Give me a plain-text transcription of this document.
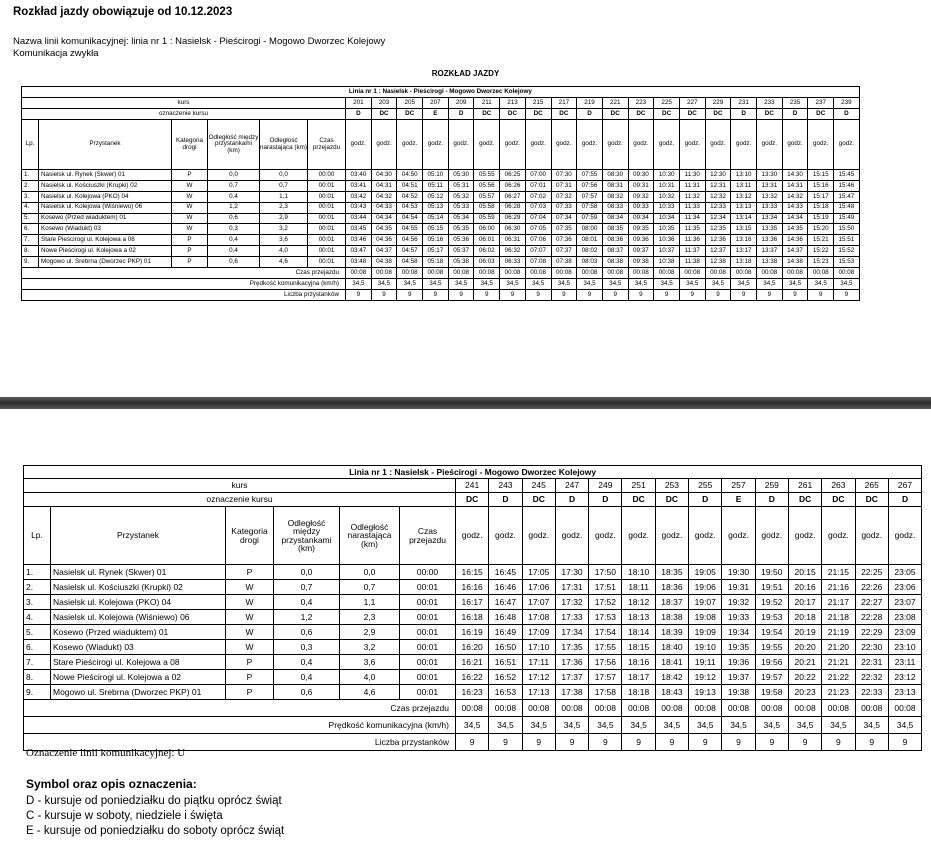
Rozkład jazdy obowiązuje od 10.12.2023
Nazwa linii komunikacyjnej: linia nr 1 : Nasielsk - Pieścirogi - Mogowo Dworzec Kolejowy
Komunikacja zwykła
ROZKŁAD JAZDY
Linia nr 1 : Nasielsk - Pieścirogi - Mogowo Dworzec Kolejowy																									
kurs						201	203	205	207	209	211	213	215	217	219	221	223	225	227	229	231	233	235	237	239
oznaczenie kursu						D	DC	DC	E	D	DC	DC	DC	DC	D	DC	DC	DC	DC	DC	D	DC	D	DC	D
Lp.	Przystanek	Kategoria drogi	Odległość między przystankami (km)	Odległość narastająca (km)	Czas przejazdu	godz.	godz.	godz.	godz.	godz.	godz.	godz.	godz.	godz.	godz.	godz.	godz.	godz.	godz.	godz.	godz.	godz.	godz.	godz.	godz.
1.	Nasielsk ul. Rynek (Skwer) 01	P	0,0	0,0	00:00	03:40	04:30	04:50	05:10	05:30	05:55	06:25	07:00	07:30	07:55	08:30	09:30	10:30	11:30	12:30	13:10	13:30	14:30	15:15	15:45
2.	Nasielsk ul. Kościuszki (Krupki) 02	W	0,7	0,7	00:01	03:41	04:31	04:51	05:11	05:31	05:56	06:26	07:01	07:31	07:56	08:31	09:31	10:31	11:31	12:31	13:11	13:31	14:31	15:16	15:46
3.	Nasielsk ul. Kolejowa (PKO) 04	W	0,4	1,1	00:01	03:42	04:32	04:52	05:12	05:32	05:57	06:27	07:02	07:32	07:57	08:32	09:32	10:32	11:32	12:32	13:12	13:32	14:32	15:17	15:47
4.	Nasielsk ul. Kolejowa (Wiśniewo) 06	W	1,2	2,3	00:01	03:43	04:33	04:53	05:13	05:33	05:58	06:28	07:03	07:33	07:58	08:33	09:33	10:33	11:33	12:33	13:13	13:33	14:33	15:18	15:48
5.	Kosewo (Przed wiaduktem) 01	W	0,6	2,9	00:01	03:44	04:34	04:54	05:14	05:34	05:59	06:29	07:04	07:34	07:59	08:34	09:34	10:34	11:34	12:34	13:14	13:34	14:34	15:19	15:49
6.	Kosewo (Wiadukt) 03	W	0,3	3,2	00:01	03:45	04:35	04:55	05:15	05:35	06:00	06:30	07:05	07:35	08:00	08:35	09:35	10:35	11:35	12:35	13:15	13:35	14:35	15:20	15:50
7.	Stare Pieścirogi ul. Kolejowa a 08	P	0,4	3,6	00:01	03:46	04:36	04:56	05:16	05:36	06:01	06:31	07:06	07:36	08:01	08:36	09:36	10:36	11:36	12:36	13:16	13:36	14:36	15:21	15:51
8.	Nowe Pieścirogi ul. Kolejowa a 02	P	0,4	4,0	00:01	03:47	04:37	04:57	05:17	05:37	06:02	06:32	07:07	07:37	08:02	08:37	09:37	10:37	11:37	12:37	13:17	13:37	14:37	15:22	15:52
9.	Mogowo ul. Srebrna (Dworzec PKP) 01	P	0,6	4,6	00:01	03:48	04:38	04:58	05:18	05:38	06:03	06:33	07:08	07:38	08:03	08:38	09:38	10:38	11:38	12:38	13:18	13:38	14:38	15:23	15:53
Czas przejazdu						00:08	00:08	00:08	00:08	00:08	00:08	00:08	00:08	00:08	00:08	00:08	00:08	00:08	00:08	00:08	00:08	00:08	00:08	00:08	00:08
Prędkość komunikacyjna (km/h)						34,5	34,5	34,5	34,5	34,5	34,5	34,5	34,5	34,5	34,5	34,5	34,5	34,5	34,5	34,5	34,5	34,5	34,5	34,5	34,5
Liczba przystanków						9	9	9	9	9	9	9	9	9	9	9	9	9	9	9	9	9	9	9	9
Linia nr 1 : Nasielsk - Pieścirogi - Mogowo Dworzec Kolejowy																			
kurs						241	243	245	247	249	251	253	255	257	259	261	263	265	267
oznaczenie kursu						DC	D	DC	D	D	DC	DC	D	E	D	DC	DC	DC	D
Lp.	Przystanek	Kategoria drogi	Odległość między przystankami (km)	Odległość narastająca (km)	Czas przejazdu	godz.	godz.	godz.	godz.	godz.	godz.	godz.	godz.	godz.	godz.	godz.	godz.	godz.	godz.
1.	Nasielsk ul. Rynek (Skwer) 01	P	0,0	0,0	00:00	16:15	16:45	17:05	17:30	17:50	18:10	18:35	19:05	19:30	19:50	20:15	21:15	22:25	23:05
2.	Nasielsk ul. Kościuszki (Krupki) 02	W	0,7	0,7	00:01	16:16	16:46	17:06	17:31	17:51	18:11	18:36	19:06	19:31	19:51	20:16	21:16	22:26	23:06
3.	Nasielsk ul. Kolejowa (PKO) 04	W	0,4	1,1	00:01	16:17	16:47	17:07	17:32	17:52	18:12	18:37	19:07	19:32	19:52	20:17	21:17	22:27	23:07
4.	Nasielsk ul. Kolejowa (Wiśniewo) 06	W	1,2	2,3	00:01	16:18	16:48	17:08	17:33	17:53	18:13	18:38	19:08	19:33	19:53	20:18	21:18	22:28	23:08
5.	Kosewo (Przed wiaduktem) 01	W	0,6	2,9	00:01	16:19	16:49	17:09	17:34	17:54	18:14	18:39	19:09	19:34	19:54	20:19	21:19	22:29	23:09
6.	Kosewo (Wiadukt) 03	W	0,3	3,2	00:01	16:20	16:50	17:10	17:35	17:55	18:15	18:40	19:10	19:35	19:55	20:20	21:20	22:30	23:10
7.	Stare Pieścirogi ul. Kolejowa a 08	P	0,4	3,6	00:01	16:21	16:51	17:11	17:36	17:56	18:16	18:41	19:11	19:36	19:56	20:21	21:21	22:31	23:11
8.	Nowe Pieścirogi ul. Kolejowa a 02	P	0,4	4,0	00:01	16:22	16:52	17:12	17:37	17:57	18:17	18:42	19:12	19:37	19:57	20:22	21:22	22:32	23:12
9.	Mogowo ul. Srebrna (Dworzec PKP) 01	P	0,6	4,6	00:01	16:23	16:53	17:13	17:38	17:58	18:18	18:43	19:13	19:38	19:58	20:23	21:23	22:33	23:13
Czas przejazdu						00:08	00:08	00:08	00:08	00:08	00:08	00:08	00:08	00:08	00:08	00:08	00:08	00:08	00:08
Prędkość komunikacyjna (km/h)						34,5	34,5	34,5	34,5	34,5	34,5	34,5	34,5	34,5	34,5	34,5	34,5	34,5	34,5
Liczba przystanków						9	9	9	9	9	9	9	9	9	9	9	9	9	9
Oznaczenie linii komunikacyjnej: U
Symbol oraz opis oznaczenia:
D - kursuje od poniedziałku do piątku oprócz świąt
C - kursuje w soboty, niedziele i święta
E - kursuje od poniedziałku do soboty oprócz świąt
